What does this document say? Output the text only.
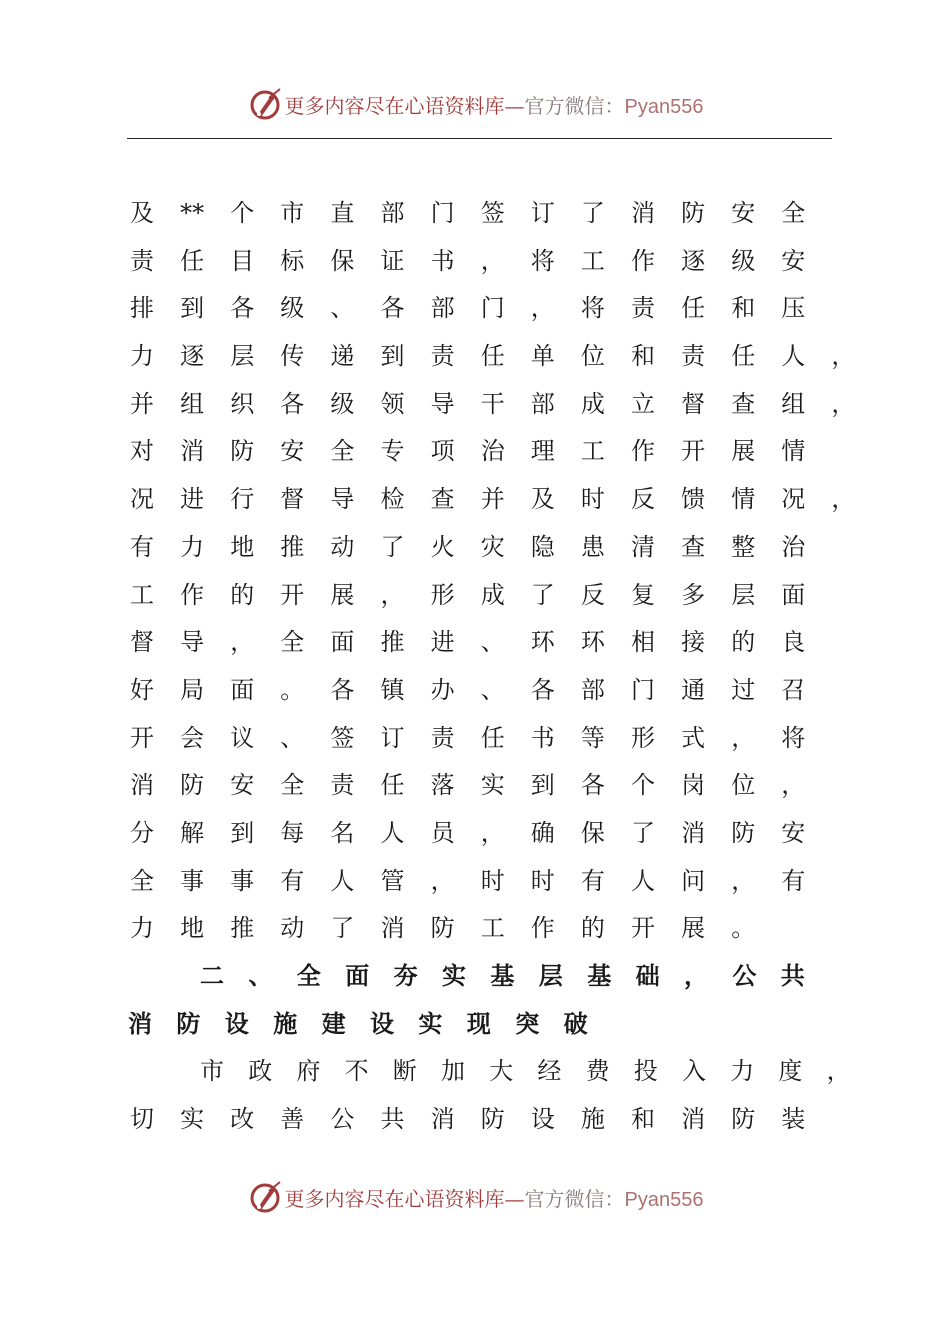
更多内容尽在心语资料库—官方微信：Pyan556
及 ** 个 市 直 部 门 签 订 了 消 防 安 全
责 任 目 标 保 证 书 ， 将 工 作 逐 级 安
排 到 各 级 、 各 部 门 ， 将 责 任 和 压
力 逐 层 传 递 到 责 任 单 位 和 责 任 人 ，
并 组 织 各 级 领 导 干 部 成 立 督 查 组 ，
对 消 防 安 全 专 项 治 理 工 作 开 展 情
况 进 行 督 导 检 查 并 及 时 反 馈 情 况 ，
有 力 地 推 动 了 火 灾 隐 患 清 查 整 治
工 作 的 开 展 ， 形 成 了 反 复 多 层 面
督 导 ， 全 面 推 进 、 环 环 相 接 的 良
好 局 面 。 各 镇 办 、 各 部 门 通 过 召
开 会 议 、 签 订 责 任 书 等 形 式 ， 将
消 防 安 全 责 任 落 实 到 各 个 岗 位 ，
分 解 到 每 名 人 员 ， 确 保 了 消 防 安
全 事 事 有 人 管 ， 时 时 有 人 问 ， 有
力 地 推 动 了 消 防 工 作 的 开 展 。
二 、 全 面 夯 实 基 层 基 础 ， 公 共
消 防 设 施 建 设 实 现 突 破
市 政 府 不 断 加 大 经 费 投 入 力 度 ，
切 实 改 善 公 共 消 防 设 施 和 消 防 装
更多内容尽在心语资料库—官方微信：Pyan556
